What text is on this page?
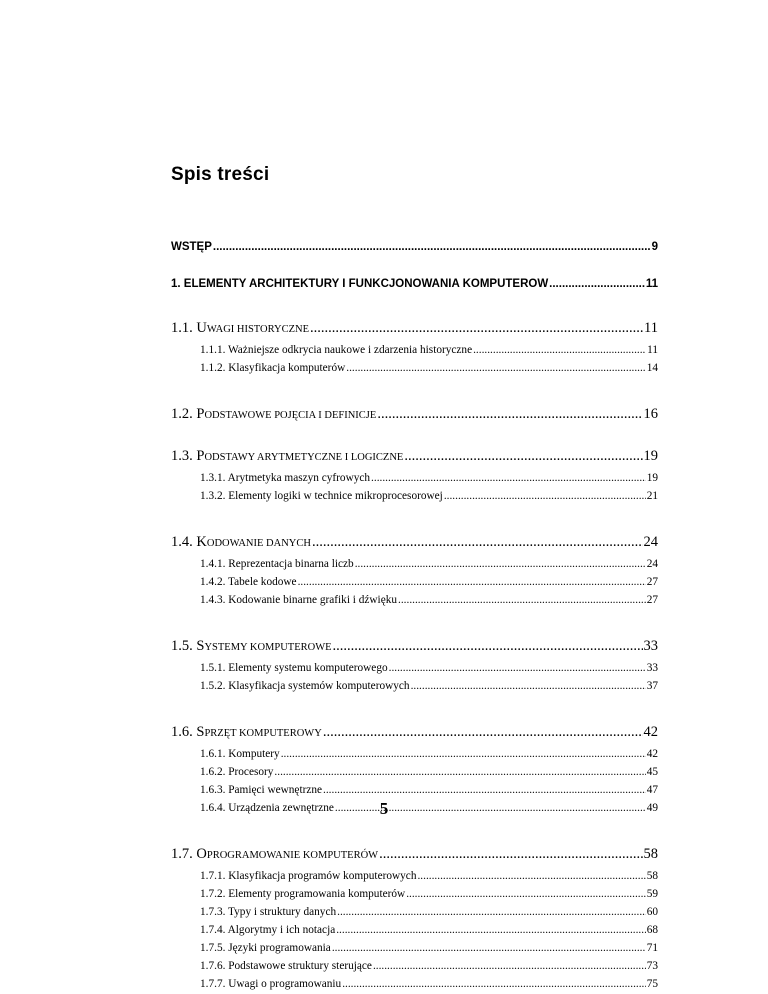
Spis treści
WSTĘP .....	9
1. ELEMENTY ARCHITEKTURY I FUNKCJONOWANIA KOMPUTERÓW .....	11
1.1. UWAGI HISTORYCZNE .....	11
1.1.1. Ważniejsze odkrycia naukowe i zdarzenia historyczne .....	11
1.1.2. Klasyfikacja komputerów .....	14
1.2. PODSTAWOWE POJĘCIA I DEFINICJE .....	16
1.3. PODSTAWY ARYTMETYCZNE I LOGICZNE .....	19
1.3.1. Arytmetyka maszyn cyfrowych .....	19
1.3.2. Elementy logiki w technice mikroprocesorowej .....	21
1.4. KODOWANIE DANYCH .....	24
1.4.1. Reprezentacja binarna liczb .....	24
1.4.2. Tabele kodowe .....	27
1.4.3. Kodowanie binarne grafiki i dźwięku .....	27
1.5. SYSTEMY KOMPUTEROWE .....	33
1.5.1. Elementy systemu komputerowego .....	33
1.5.2. Klasyfikacja systemów komputerowych .....	37
1.6. SPRZĘT KOMPUTEROWY .....	42
1.6.1. Komputery .....	42
1.6.2. Procesory .....	45
1.6.3. Pamięci wewnętrzne .....	47
1.6.4. Urządzenia zewnętrzne .....	49
1.7. OPROGRAMOWANIE KOMPUTERÓW .....	58
1.7.1. Klasyfikacja programów komputerowych .....	58
1.7.2. Elementy programowania komputerów .....	59
1.7.3. Typy i struktury danych .....	60
1.7.4. Algorytmy i ich notacja .....	68
1.7.5. Języki programowania .....	71
1.7.6. Podstawowe struktury sterujące .....	73
1.7.7. Uwagi o programowaniu .....	75
5
